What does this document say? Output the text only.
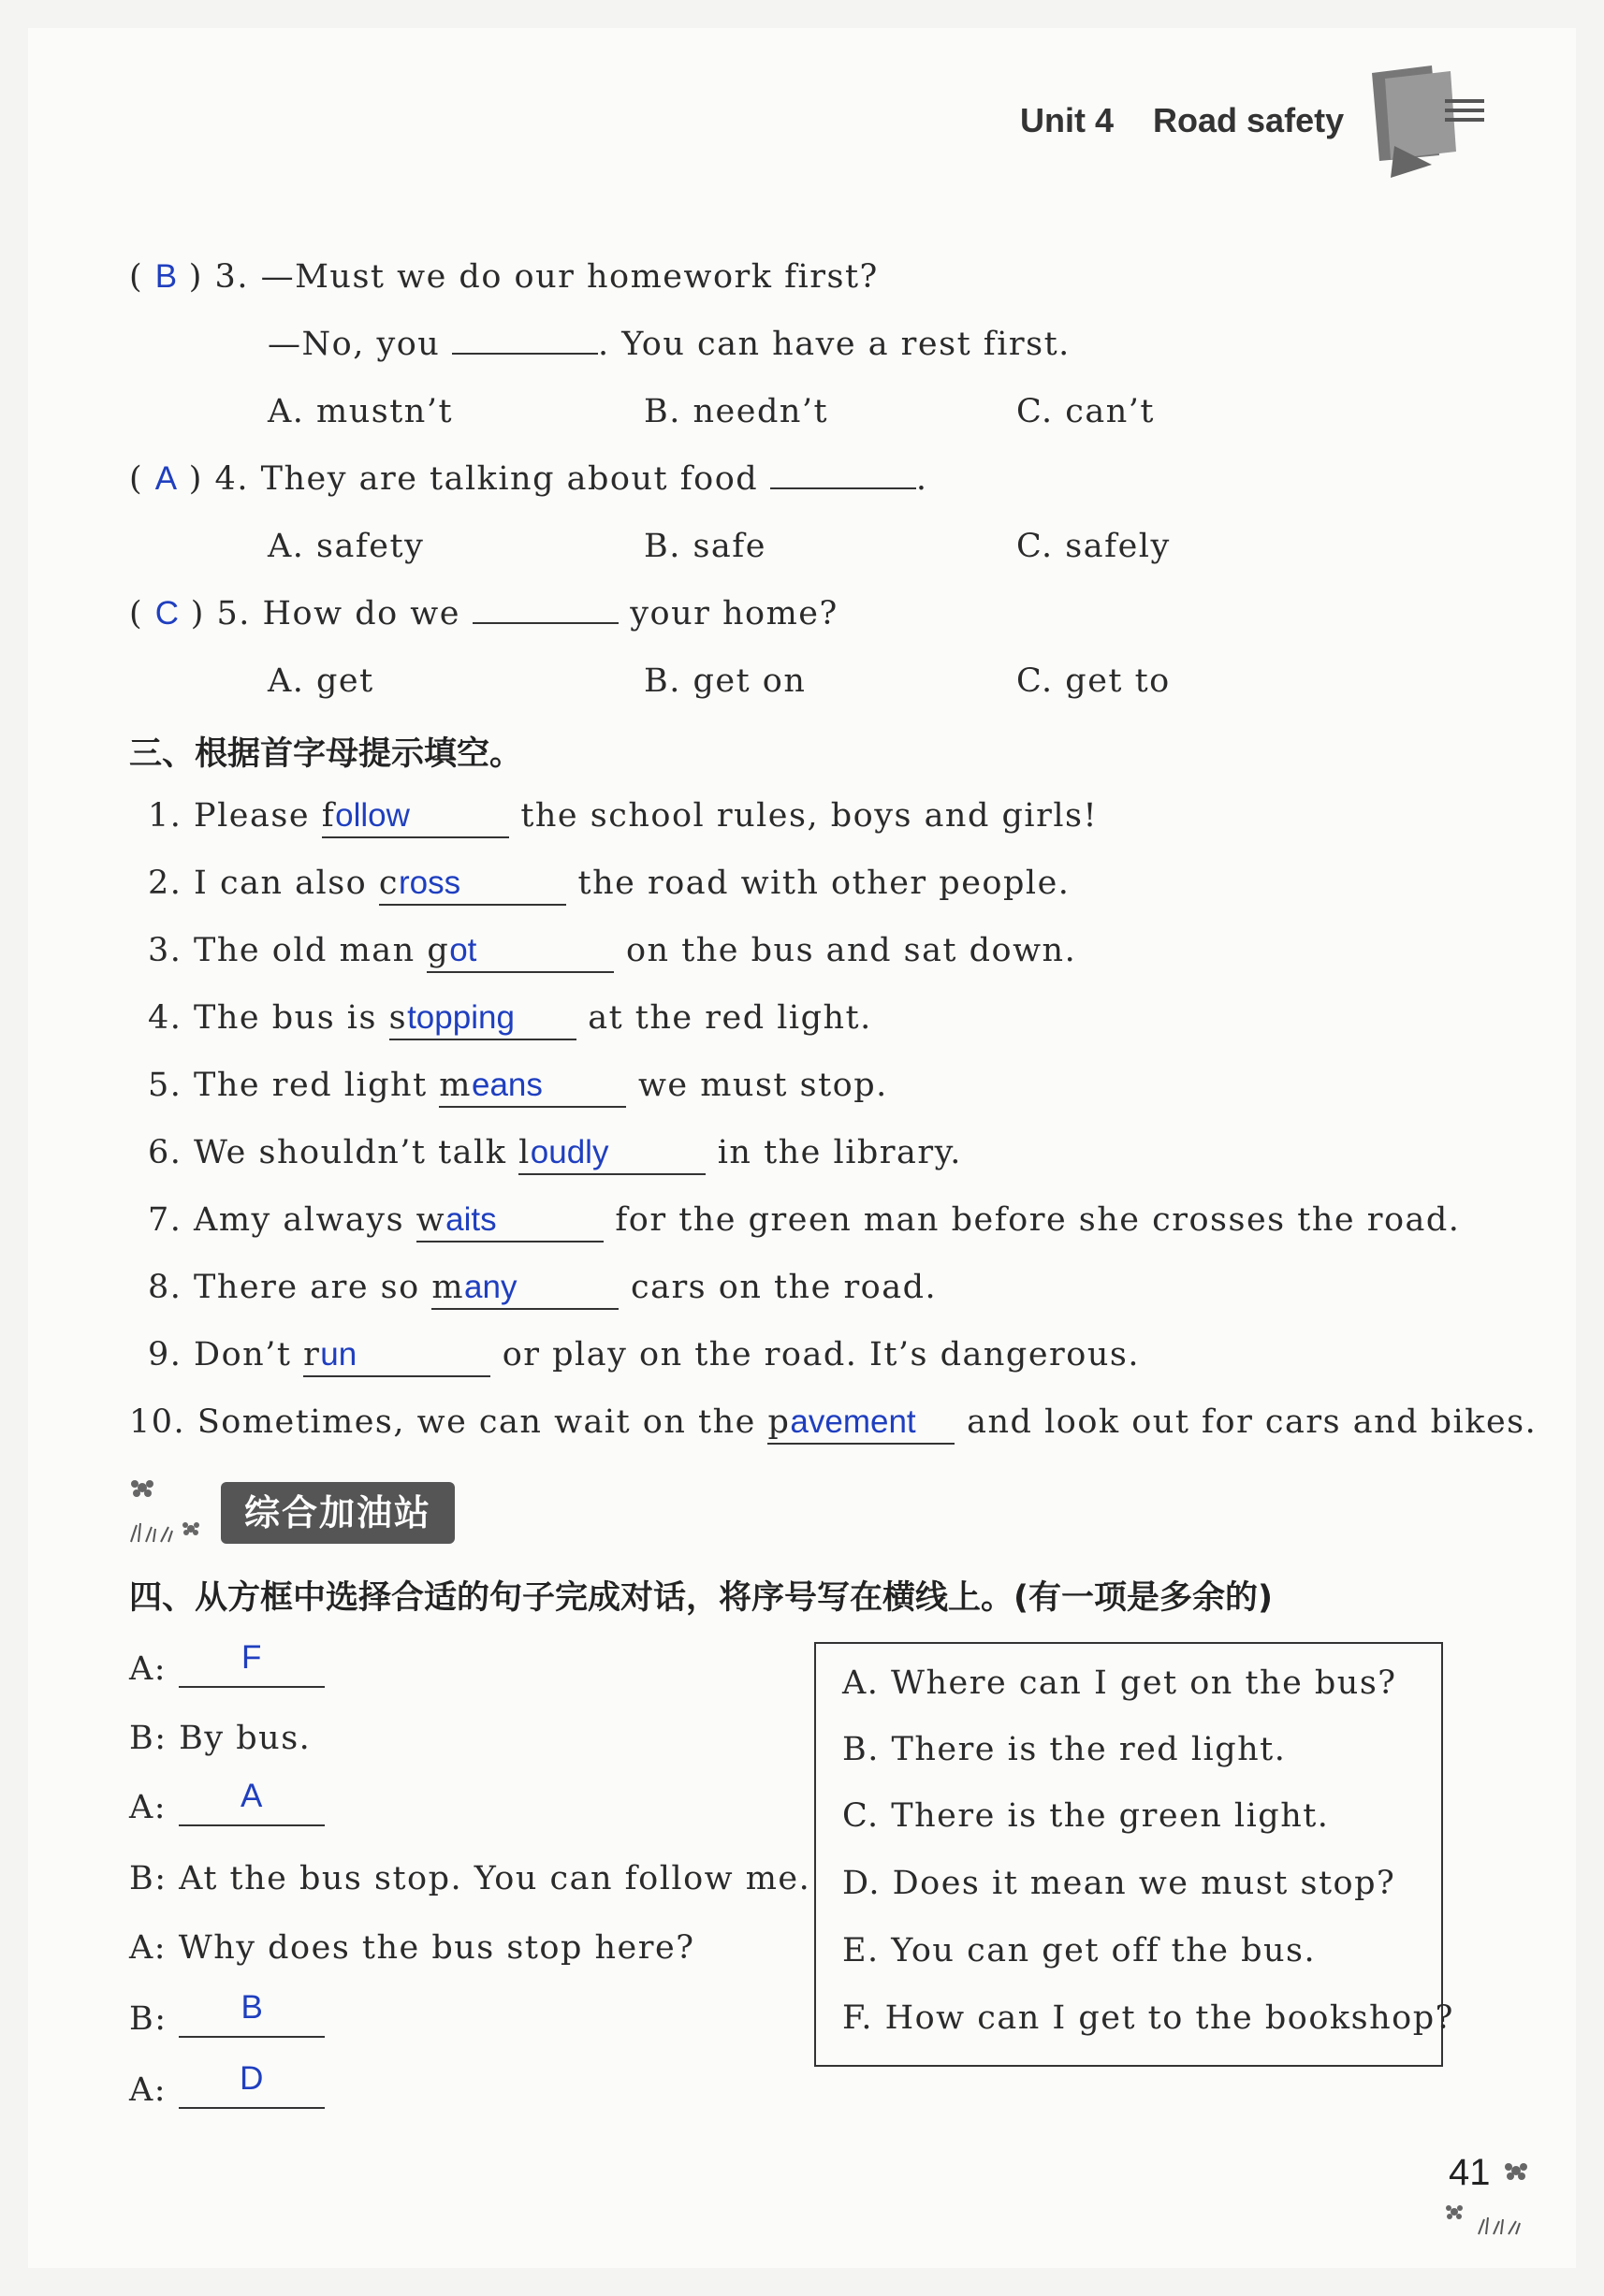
Unit 4 Road safety
( B ) 3. —Must we do our homework first?
—No, you	. You can have a rest first.
A. mustn’t	B. needn’t	C. can’t
( A ) 4. They are talking about food	.
A. safety	B. safe	C. safely
( C ) 5. How do we	your home?
A. get	B. get on	C. get to
三、根据首字母提示填空。
1. Please follow	the school rules, boys and girls!
2. I can also cross	the road with other people.
3. The old man got	on the bus and sat down.
4. The bus is stopping at the red light.
5. The red light means	we must stop.
6. We shouldn’t talk loudly	in the library.
7. Amy always waits	for the green man before she crosses the road.
8. There are so many	cars on the road.
9. Don’t run	or play on the road. It’s dangerous.
10. Sometimes, we can wait on the pavement and look out for cars and bikes.
综合加油站
四、从方框中选择合适的句子完成对话，将序号写在横线上。(有一项是多余的)
A: F
B: By bus.
A: A
B: At the bus stop. You can follow me.
A: Why does the bus stop here?
B: B
A: D
A. Where can I get on the bus?
B. There is the red light.
C. There is the green light.
D. Does it mean we must stop?
E. You can get off the bus.
F. How can I get to the bookshop?
41
